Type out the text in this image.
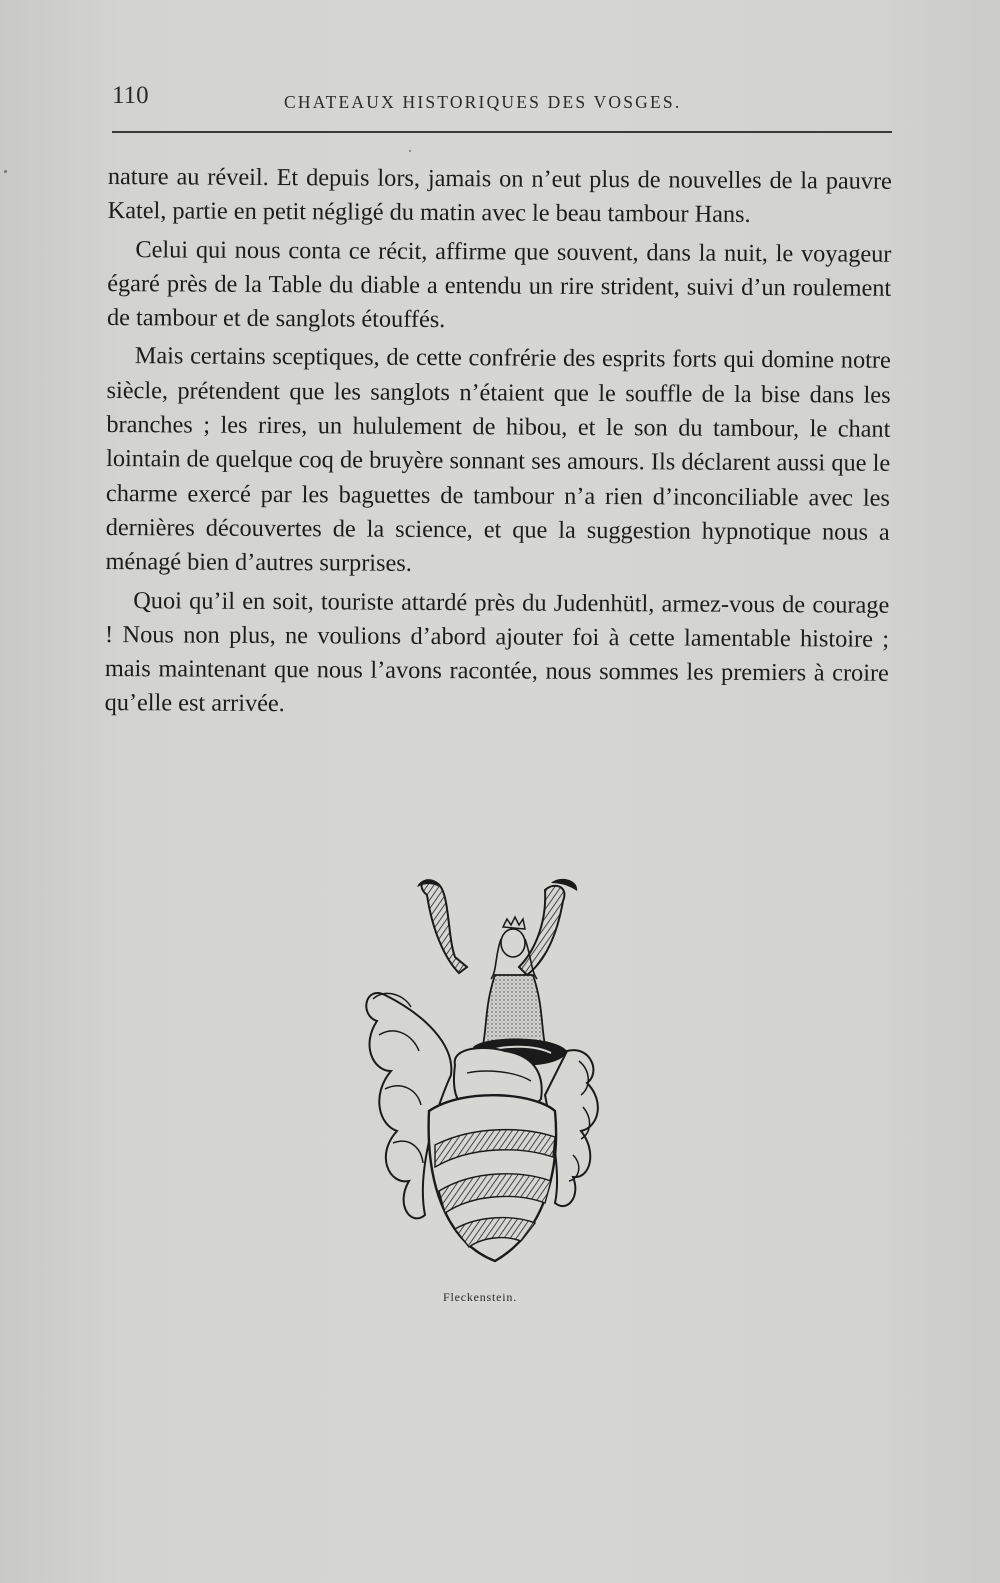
110	CHATEAUX HISTORIQUES DES VOSGES.

nature au réveil. Et depuis lors, jamais on n’eut plus de nouvelles de la pauvre Katel, partie en petit négligé du matin avec le beau tambour Hans.

Celui qui nous conta ce récit, affirme que souvent, dans la nuit, le voyageur égaré près de la Table du diable a entendu un rire strident, suivi d’un roulement de tambour et de sanglots étouffés.

Mais certains sceptiques, de cette confrérie des esprits forts qui domine notre siècle, prétendent que les sanglots n’étaient que le souffle de la bise dans les branches ; les rires, un hululement de hibou, et le son du tambour, le chant lointain de quelque coq de bruyère sonnant ses amours. Ils déclarent aussi que le charme exercé par les baguettes de tambour n’a rien d’inconciliable avec les dernières découvertes de la science, et que la suggestion hypnotique nous a ménagé bien d’autres surprises.

Quoi qu’il en soit, touriste attardé près du Judenhütl, armez-vous de courage ! Nous non plus, ne voulions d’abord ajouter foi à cette lamentable histoire ; mais maintenant que nous l’avons racontée, nous sommes les premiers à croire qu’elle est arrivée.

Fleckenstein.
